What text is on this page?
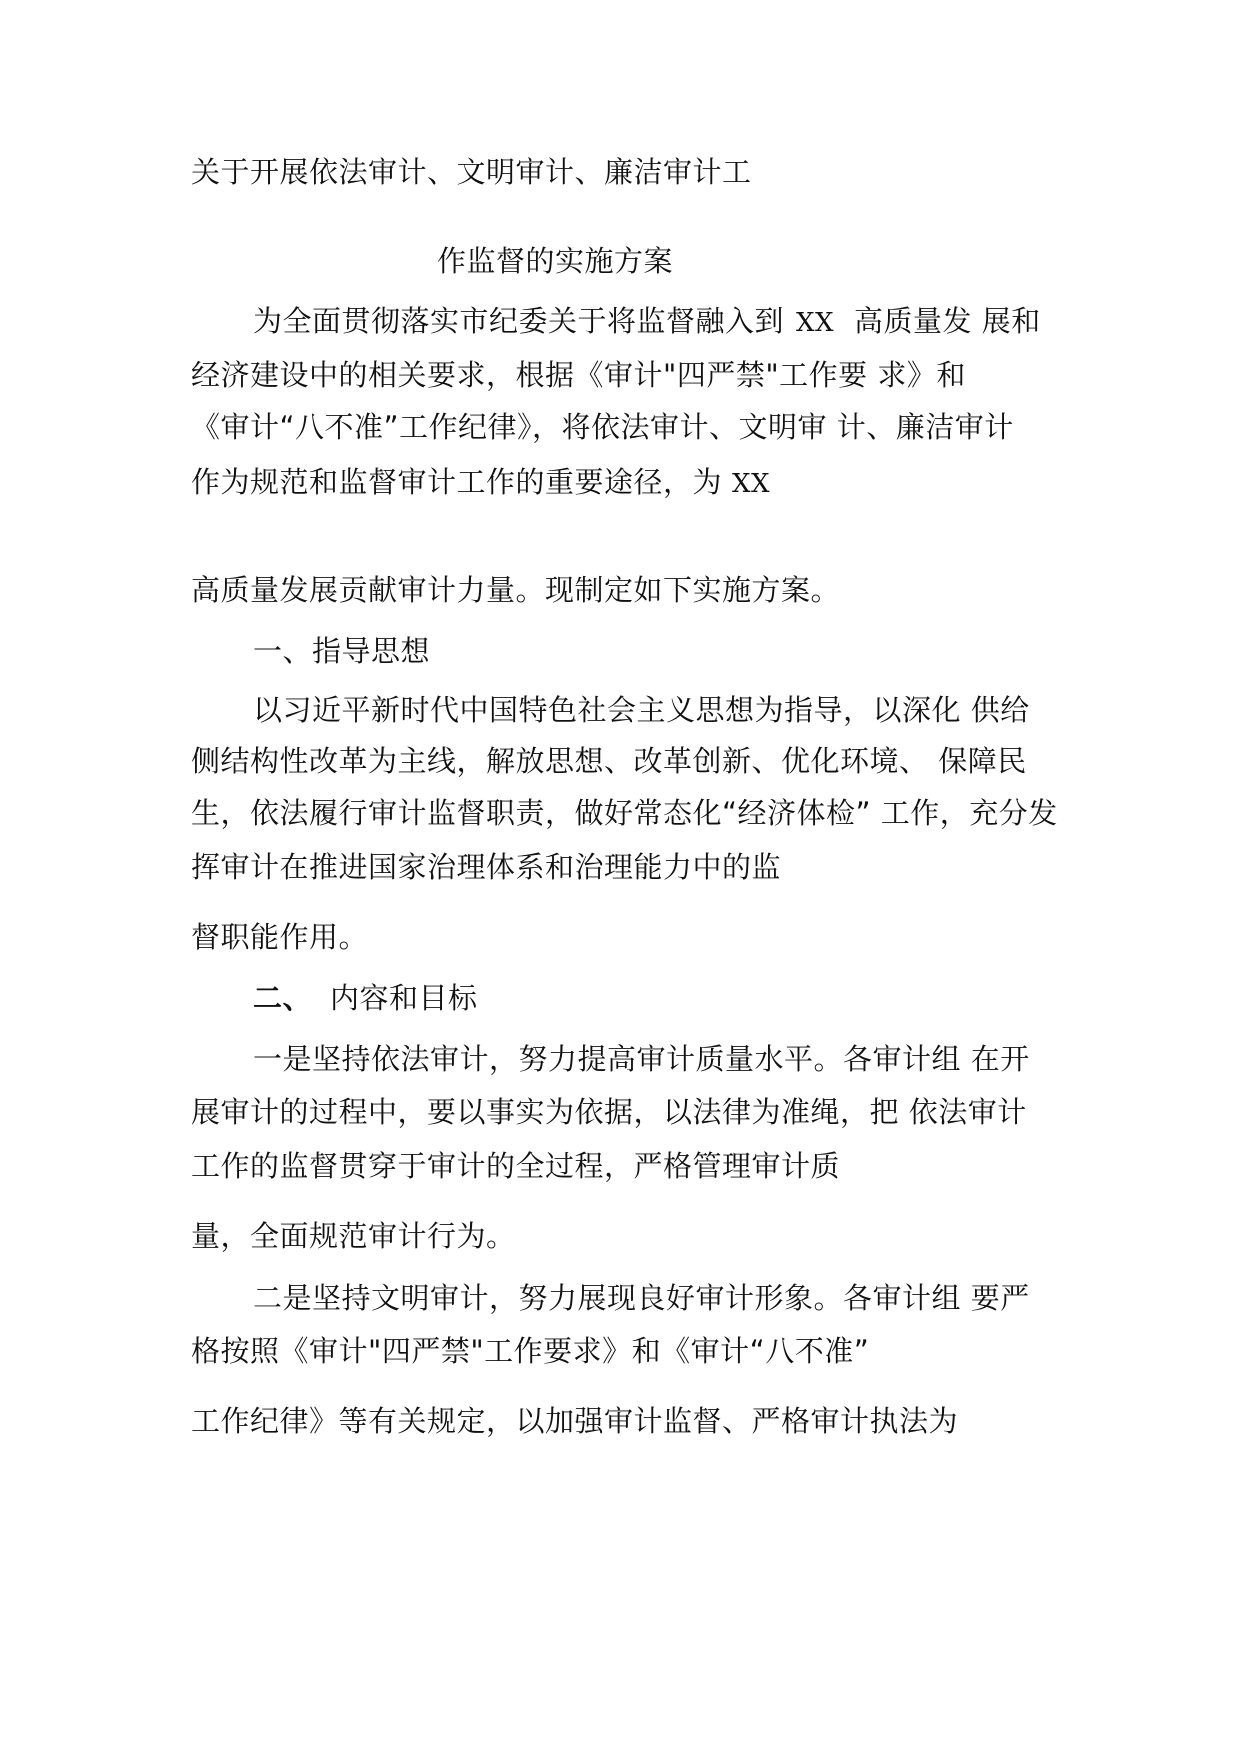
关于开展依法审计、文明审计、廉洁审计工

作监督的实施方案

为全面贯彻落实市纪委关于将监督融入到 XX 高质量发 展和

经济建设中的相关要求，根据《审计"四严禁"工作要 求》和

《审计“八不准”工作纪律》，将依法审计、文明审 计、廉洁审计

作为规范和监督审计工作的重要途径，为 XX

高质量发展贡献审计力量。现制定如下实施方案。

一、指导思想

以习近平新时代中国特色社会主义思想为指导，以深化 供给

侧结构性改革为主线，解放思想、改革创新、优化环境、 保障民

生，依法履行审计监督职责，做好常态化“经济体检” 工作，充分发

挥审计在推进国家治理体系和治理能力中的监

督职能作用。

二、 内容和目标

一是坚持依法审计，努力提高审计质量水平。各审计组 在开

展审计的过程中，要以事实为依据，以法律为准绳，把 依法审计

工作的监督贯穿于审计的全过程，严格管理审计质

量，全面规范审计行为。

二是坚持文明审计，努力展现良好审计形象。各审计组 要严

格按照《审计"四严禁"工作要求》和《审计“八不准”

工作纪律》等有关规定，以加强审计监督、严格审计执法为
